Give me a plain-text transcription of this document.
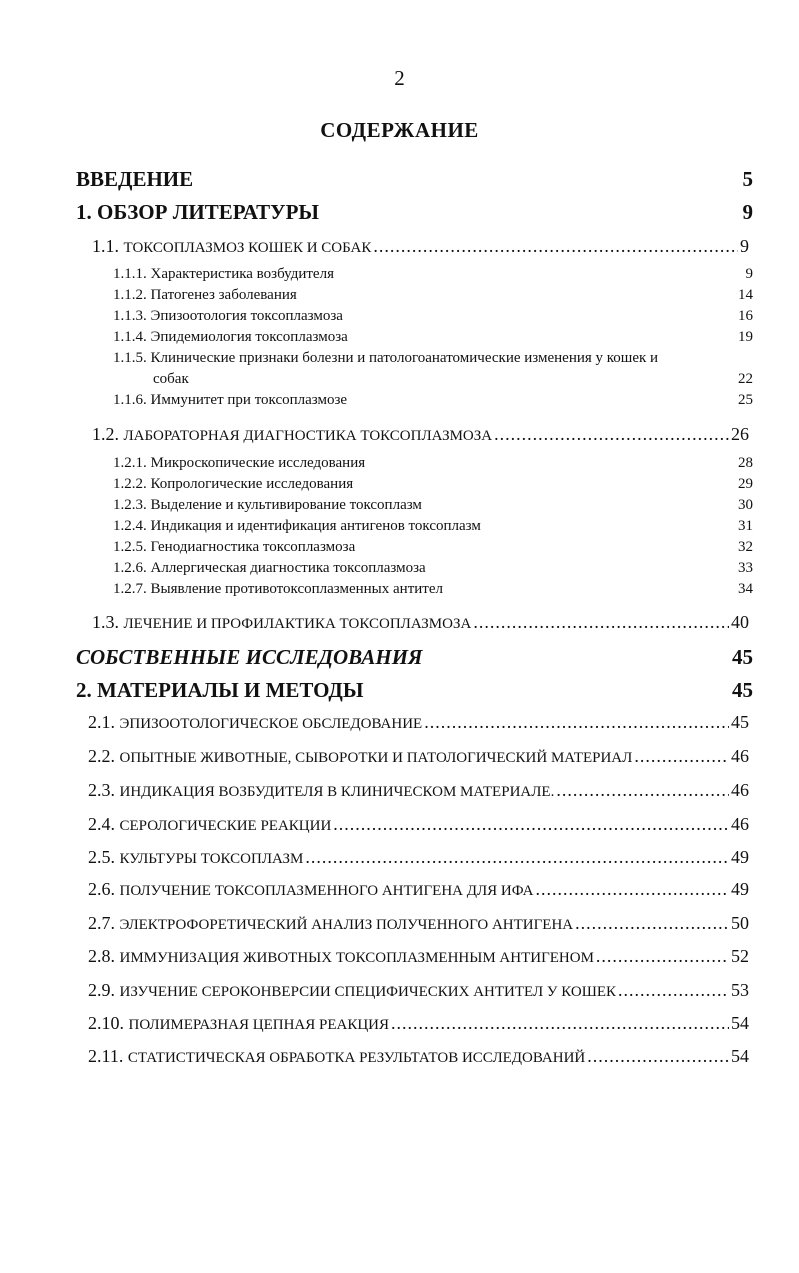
2
СОДЕРЖАНИЕ
ВВЕДЕНИЕ	5
1. ОБЗОР ЛИТЕРАТУРЫ	9
1.1. ТОКСОПЛАЗМОЗ КОШЕК И СОБАК .....	9
1.1.1. Характеристика возбудителя	9
1.1.2. Патогенез заболевания	14
1.1.3. Эпизоотология токсоплазмоза	16
1.1.4. Эпидемиология токсоплазмоза	19
1.1.5. Клинические признаки болезни и патологоанатомические изменения у кошек и
собак	22
1.1.6. Иммунитет при токсоплазмозе	25
1.2. ЛАБОРАТОРНАЯ ДИАГНОСТИКА ТОКСОПЛАЗМОЗА .....	26
1.2.1. Микроскопические исследования	28
1.2.2. Копрологические исследования	29
1.2.3. Выделение и культивирование токсоплазм	30
1.2.4. Индикация и идентификация антигенов токсоплазм	31
1.2.5. Генодиагностика токсоплазмоза	32
1.2.6. Аллергическая диагностика токсоплазмоза	33
1.2.7. Выявление противотоксоплазменных антител	34
1.3. ЛЕЧЕНИЕ И ПРОФИЛАКТИКА ТОКСОПЛАЗМОЗА .....	40
СОБСТВЕННЫЕ ИССЛЕДОВАНИЯ	45
2. МАТЕРИАЛЫ И МЕТОДЫ	45
2.1. ЭПИЗООТОЛОГИЧЕСКОЕ ОБСЛЕДОВАНИЕ .....	45
2.2. ОПЫТНЫЕ ЖИВОТНЫЕ, СЫВОРОТКИ И ПАТОЛОГИЧЕСКИЙ МАТЕРИАЛ .....	46
2.3. ИНДИКАЦИЯ ВОЗБУДИТЕЛЯ В КЛИНИЧЕСКОМ МАТЕРИАЛЕ. .....	46
2.4. СЕРОЛОГИЧЕСКИЕ РЕАКЦИИ .....	46
2.5. КУЛЬТУРЫ ТОКСОПЛАЗМ .....	49
2.6. ПОЛУЧЕНИЕ ТОКСОПЛАЗМЕННОГО АНТИГЕНА ДЛЯ ИФА .....	49
2.7. ЭЛЕКТРОФОРЕТИЧЕСКИЙ АНАЛИЗ ПОЛУЧЕННОГО АНТИГЕНА .....	50
2.8. ИММУНИЗАЦИЯ ЖИВОТНЫХ ТОКСОПЛАЗМЕННЫМ АНТИГЕНОМ .....	52
2.9. ИЗУЧЕНИЕ СЕРОКОНВЕРСИИ СПЕЦИФИЧЕСКИХ АНТИТЕЛ У КОШЕК .....	53
2.10. ПОЛИМЕРАЗНАЯ ЦЕПНАЯ РЕАКЦИЯ .....	54
2.11. СТАТИСТИЧЕСКАЯ ОБРАБОТКА РЕЗУЛЬТАТОВ ИССЛЕДОВАНИЙ .....	54
